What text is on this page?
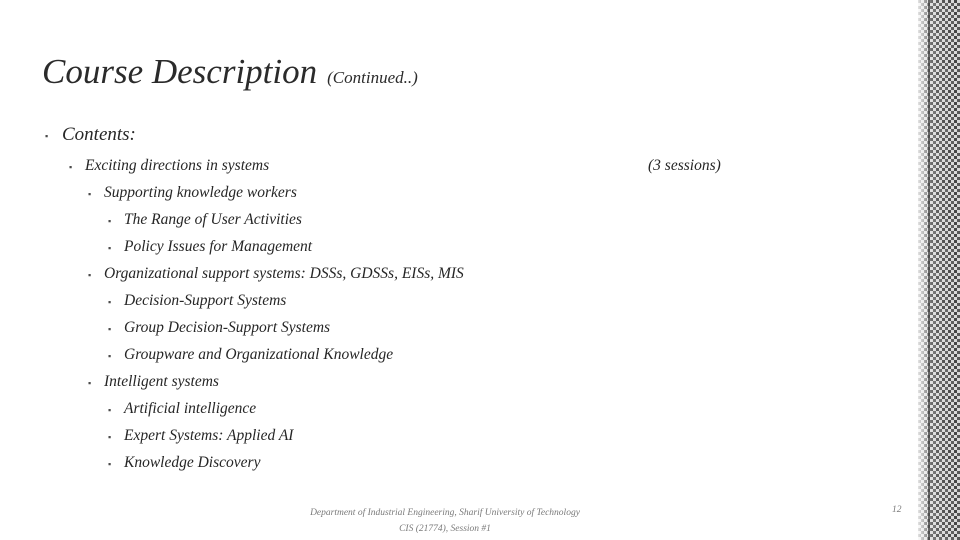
Course Description (Continued..)
▪ Contents:
▪ Exciting directions in systems
▪ Supporting knowledge workers
▪ The Range of User Activities
▪ Policy Issues for Management
▪ Organizational support systems: DSSs, GDSSs, EISs, MIS
▪ Decision-Support Systems
▪ Group Decision-Support Systems
▪ Groupware and Organizational Knowledge
▪ Intelligent systems
▪ Artificial intelligence
▪ Expert Systems: Applied AI
▪ Knowledge Discovery
(3 sessions)
Department of Industrial Engineering, Sharif University of Technology
CIS (21774), Session #1
12
